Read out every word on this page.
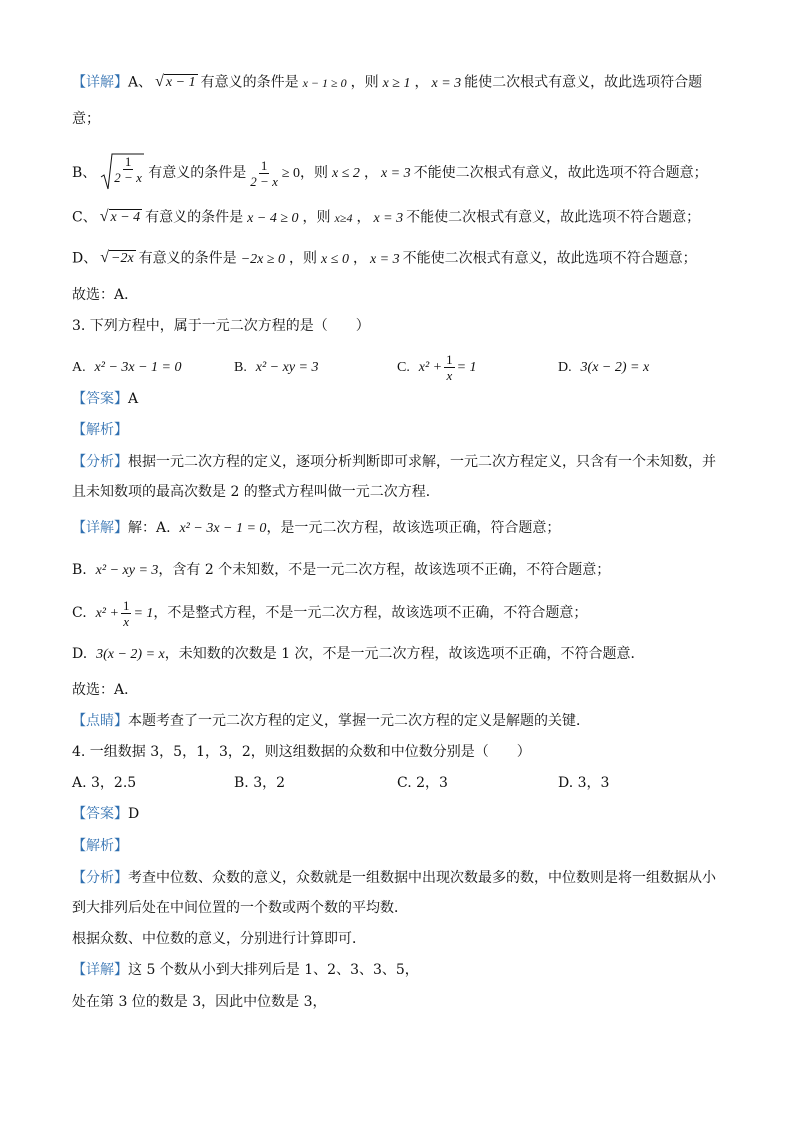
【详解】A、 √ x − 1 有意义的条件是 x − 1 ≥ 0 ，则 x ≥ 1 ， x = 3 能使二次根式有意义，故此选项符合题
意；
B、 $\frac{1}{2 - x}$ 有意义的条件是 $\frac{1}{2 - x} \ge 0$，则 x ≤ 2 ， x = 3 不能使二次根式有意义，故此选项不符合题意；
C、 √ x − 4 有意义的条件是 x − 4 ≥ 0 ，则 x≥4 ， x = 3 不能使二次根式有意义，故此选项不符合题意；
D、 √ −2x 有意义的条件是 −2x ≥ 0 ，则 x ≤ 0 ， x = 3 不能使二次根式有意义，故此选项不符合题意；
故选：A．
3. 下列方程中，属于一元二次方程的是（　　）
A. x² − 3x − 1 = 0	B. x² − xy = 3	C. $x^2 + \frac{1}{x} = 1$	D. 3(x − 2) = x
【答案】A
【解析】
【分析】根据一元二次方程的定义，逐项分析判断即可求解，一元二次方程定义，只含有一个未知数，并
且未知数项的最高次数是 2 的整式方程叫做一元二次方程．
【详解】解：A. x² − 3x − 1 = 0，是一元二次方程，故该选项正确，符合题意；
B. x² − xy = 3，含有 2 个未知数，不是一元二次方程，故该选项不正确，不符合题意；
C. $x^2 + \frac{1}{x} = 1$，不是整式方程，不是一元二次方程，故该选项不正确，不符合题意；
D. 3(x − 2) = x，未知数的次数是 1 次，不是一元二次方程，故该选项不正确，不符合题意．
故选：A．
【点睛】本题考查了一元二次方程的定义，掌握一元二次方程的定义是解题的关键．
4. 一组数据 3，5，1，3，2，则这组数据的众数和中位数分别是（　　）
A. 3，2.5	B. 3，2	C. 2，3	D. 3，3
【答案】D
【解析】
【分析】考查中位数、众数的意义，众数就是一组数据中出现次数最多的数，中位数则是将一组数据从小
到大排列后处在中间位置的一个数或两个数的平均数．
根据众数、中位数的意义，分别进行计算即可．
【详解】这 5 个数从小到大排列后是 1、2、3、3、5，
处在第 3 位的数是 3，因此中位数是 3，
